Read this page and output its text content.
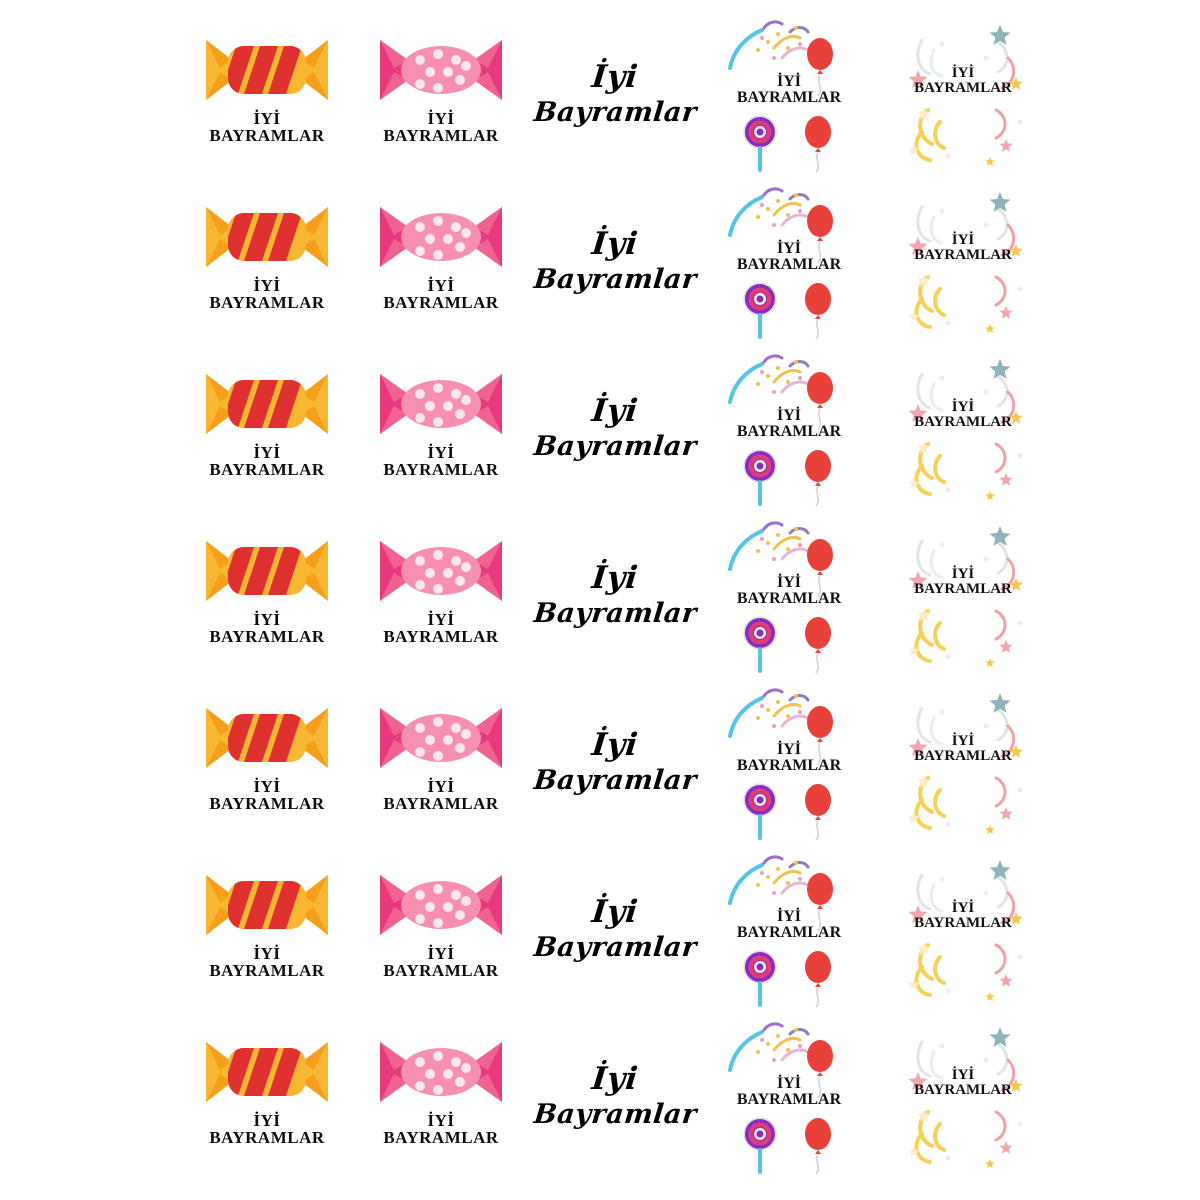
İYİ
BAYRAMLAR
İYİ
BAYRAMLAR
İyi
Bayramlar
İYİ
BAYRAMLAR
İYİ
BAYRAMLAR
İYİ
BAYRAMLAR
İYİ
BAYRAMLAR
İyi
Bayramlar
İYİ
BAYRAMLAR
İYİ
BAYRAMLAR
İYİ
BAYRAMLAR
İYİ
BAYRAMLAR
İyi
Bayramlar
İYİ
BAYRAMLAR
İYİ
BAYRAMLAR
İYİ
BAYRAMLAR
İYİ
BAYRAMLAR
İyi
Bayramlar
İYİ
BAYRAMLAR
İYİ
BAYRAMLAR
İYİ
BAYRAMLAR
İYİ
BAYRAMLAR
İyi
Bayramlar
İYİ
BAYRAMLAR
İYİ
BAYRAMLAR
İYİ
BAYRAMLAR
İYİ
BAYRAMLAR
İyi
Bayramlar
İYİ
BAYRAMLAR
İYİ
BAYRAMLAR
İYİ
BAYRAMLAR
İYİ
BAYRAMLAR
İyi
Bayramlar
İYİ
BAYRAMLAR
İYİ
BAYRAMLAR
